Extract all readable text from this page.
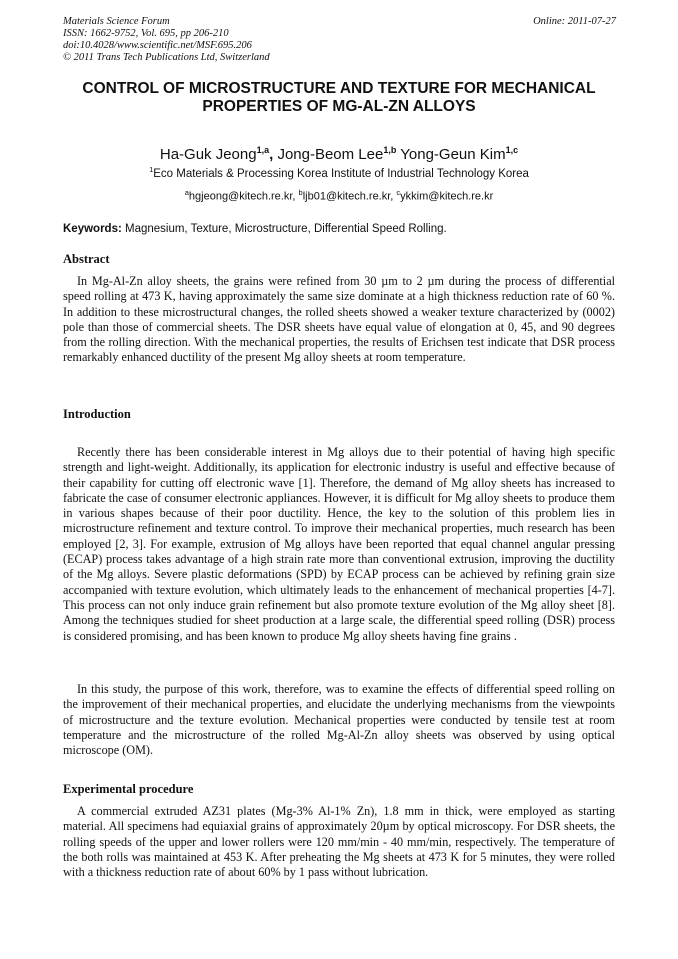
Materials Science Forum
ISSN: 1662-9752, Vol. 695, pp 206-210
doi:10.4028/www.scientific.net/MSF.695.206
© 2011 Trans Tech Publications Ltd, Switzerland
Online: 2011-07-27
CONTROL OF MICROSTRUCTURE AND TEXTURE FOR MECHANICAL
PROPERTIES OF MG-AL-ZN ALLOYS
Ha-Guk Jeong$^{1,a}$, Jong-Beom Lee$^{1,b}$ Yong-Geun Kim$^{1,c}$
$^1$Eco Materials & Processing Korea Institute of Industrial Technology Korea
$^a$hgjeong@kitech.re.kr, $^b$ljb01@kitech.re.kr, $^c$ykkim@kitech.re.kr
Keywords: Magnesium, Texture, Microstructure, Differential Speed Rolling.
Abstract

In Mg-Al-Zn alloy sheets, the grains were refined from 30 µm to 2 µm during the process of differential speed rolling at 473 K, having approximately the same size dominate at a high thickness reduction rate of 60 %. In addition to these microstructural changes, the rolled sheets showed a weaker texture characterized by (0002) pole than those of commercial sheets. The DSR sheets have equal value of elongation at 0, 45, and 90 degrees from the rolling direction. With the mechanical properties, the results of Erichsen test indicate that DSR process remarkably enhanced ductility of the present Mg alloy sheets at room temperature.

Introduction

Recently there has been considerable interest in Mg alloys due to their potential of having high specific strength and light-weight. Additionally, its application for electronic industry is useful and effective because of their capability for cutting off electronic wave [1]. Therefore, the demand of Mg alloy sheets has increased to fabricate the case of consumer electronic appliances. However, it is difficult for Mg alloy sheets to produce them in various shapes because of their poor ductility. Hence, the key to the solution of this problem lies in microstructure refinement and texture control. To improve their mechanical properties, much research has been employed [2, 3]. For example, extrusion of Mg alloys have been reported that equal channel angular pressing (ECAP) process takes advantage of a high strain rate more than conventional extrusion, improving the ductility of the Mg alloys. Severe plastic deformations (SPD) by ECAP process can be achieved by refining grain size accompanied with texture evolution, which ultimately leads to the enhancement of mechanical properties [4-7]. This process can not only induce grain refinement but also promote texture evolution of the Mg alloy sheet [8]. Among the techniques studied for sheet production at a large scale, the differential speed rolling (DSR) process is considered promising, and has been known to produce Mg alloy sheets having fine grains .

In this study, the purpose of this work, therefore, was to examine the effects of differential speed rolling on the improvement of their mechanical properties, and elucidate the underlying mechanisms from the viewpoints of microstructure and the texture evolution. Mechanical properties were conducted by tensile test at room temperature and the microstructure of the rolled Mg-Al-Zn alloy sheets was observed by using optical microscope (OM).

Experimental procedure

A commercial extruded AZ31 plates (Mg-3% Al-1% Zn), 1.8 mm in thick, were employed as starting material. All specimens had equiaxial grains of approximately 20µm by optical microscopy. For DSR sheets, the rolling speeds of the upper and lower rollers were 120 mm/min - 40 mm/min, respectively. The temperature of the both rolls was maintained at 453 K. After preheating the Mg sheets at 473 K for 5 minutes, they were rolled with a thickness reduction rate of about 60% by 1 pass without lubrication.
